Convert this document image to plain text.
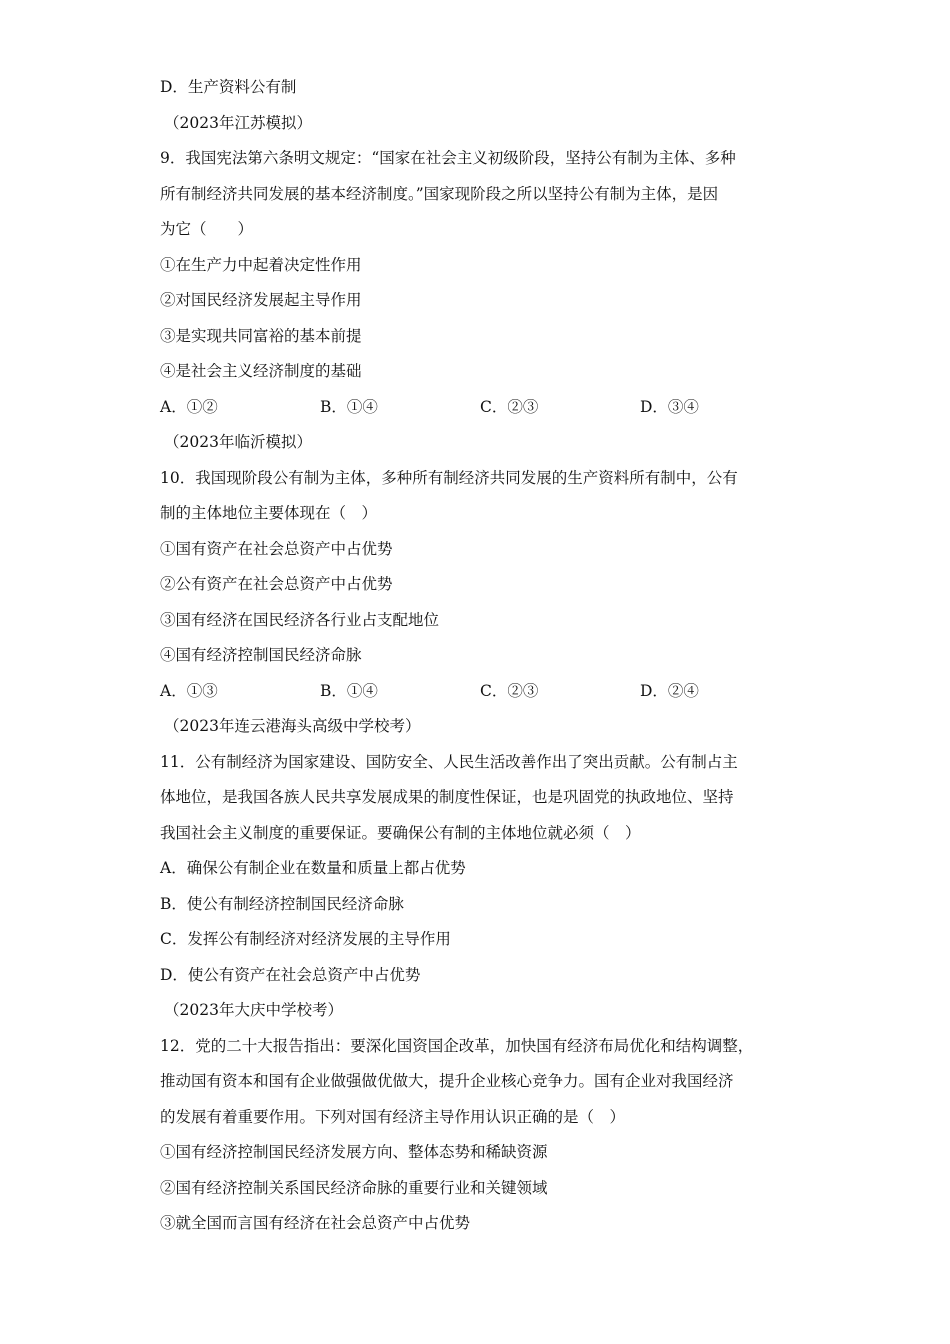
D．生产资料公有制
（2023年江苏模拟）
9．我国宪法第六条明文规定：“国家在社会主义初级阶段，坚持公有制为主体、多种
所有制经济共同发展的基本经济制度。”国家现阶段之所以坚持公有制为主体，是因
为它（　　）
①在生产力中起着决定性作用
②对国民经济发展起主导作用
③是实现共同富裕的基本前提
④是社会主义经济制度的基础
A．①②	B．①④	C．②③	D．③④
（2023年临沂模拟）
10．我国现阶段公有制为主体，多种所有制经济共同发展的生产资料所有制中，公有
制的主体地位主要体现在（　）
①国有资产在社会总资产中占优势
②公有资产在社会总资产中占优势
③国有经济在国民经济各行业占支配地位
④国有经济控制国民经济命脉
A．①③	B．①④	C．②③	D．②④
（2023年连云港海头高级中学校考）
11．公有制经济为国家建设、国防安全、人民生活改善作出了突出贡献。公有制占主
体地位，是我国各族人民共享发展成果的制度性保证，也是巩固党的执政地位、坚持
我国社会主义制度的重要保证。要确保公有制的主体地位就必须（　）
A．确保公有制企业在数量和质量上都占优势
B．使公有制经济控制国民经济命脉
C．发挥公有制经济对经济发展的主导作用
D．使公有资产在社会总资产中占优势
（2023年大庆中学校考）
12．党的二十大报告指出：要深化国资国企改革，加快国有经济布局优化和结构调整，
推动国有资本和国有企业做强做优做大，提升企业核心竞争力。国有企业对我国经济
的发展有着重要作用。下列对国有经济主导作用认识正确的是（　）
①国有经济控制国民经济发展方向、整体态势和稀缺资源
②国有经济控制关系国民经济命脉的重要行业和关键领域
③就全国而言国有经济在社会总资产中占优势
